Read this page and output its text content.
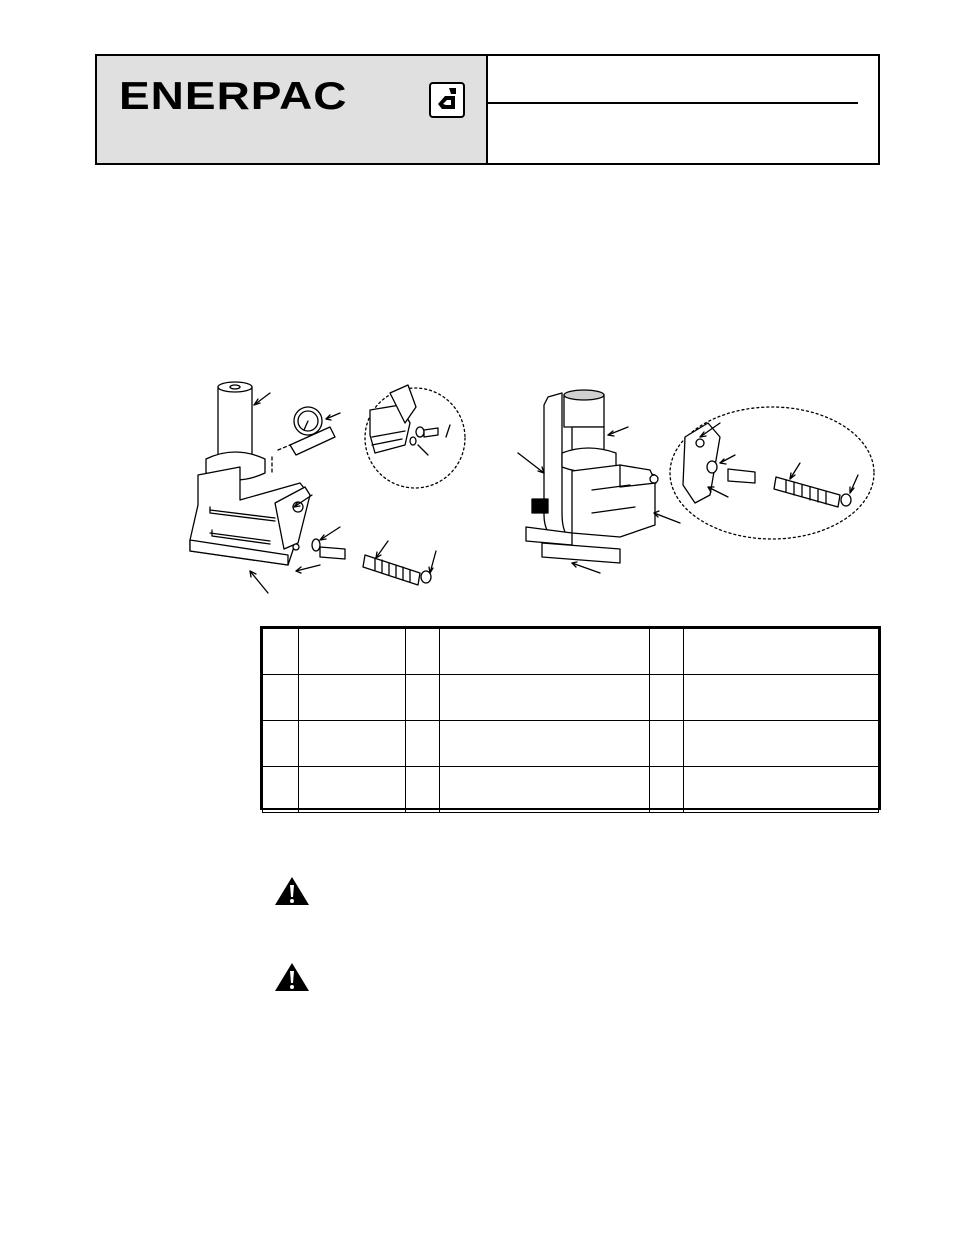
ENERPAC
